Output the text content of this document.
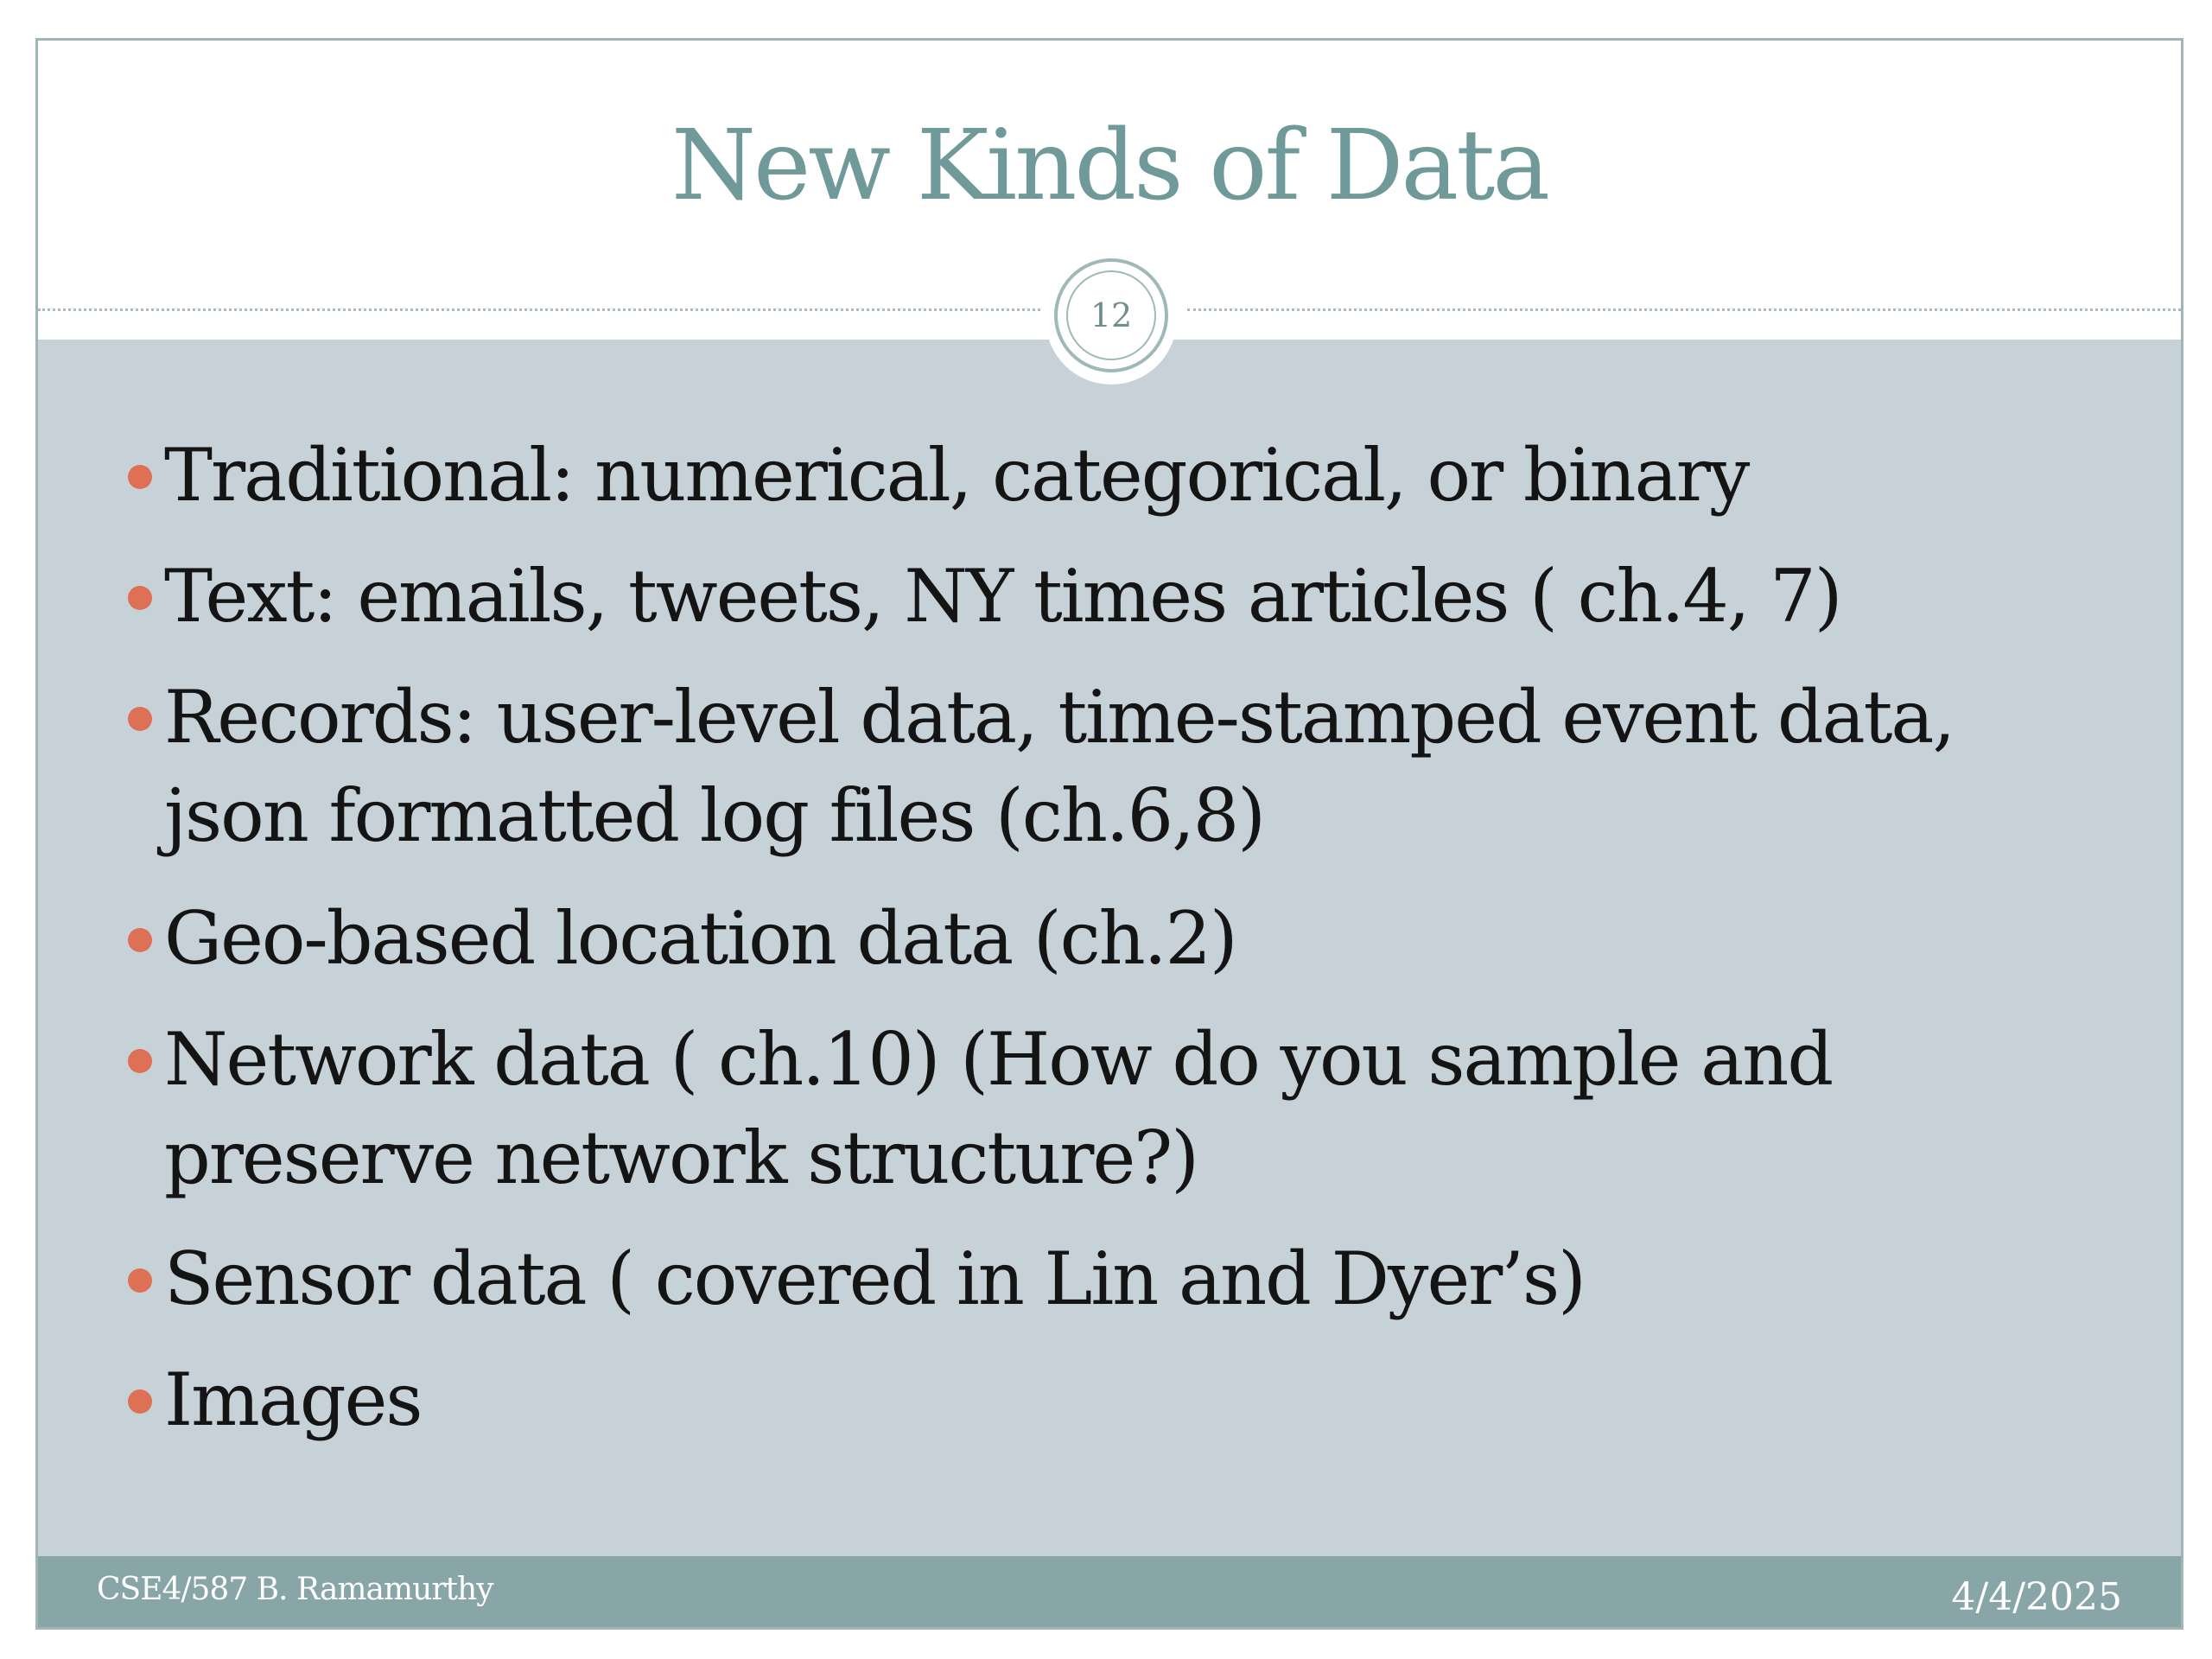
New Kinds of Data
Traditional: numerical, categorical, or binary
Text: emails, tweets, NY times articles ( ch.4, 7)
Records: user-level data, time-stamped event data,
json formatted log files (ch.6,8)
Geo-based location data (ch.2)
Network data ( ch.10) (How do you sample and
preserve network structure?)
Sensor data ( covered in Lin and Dyer’s)
Images
12
CSE4/587 B. Ramamurthy	4/4/2025
